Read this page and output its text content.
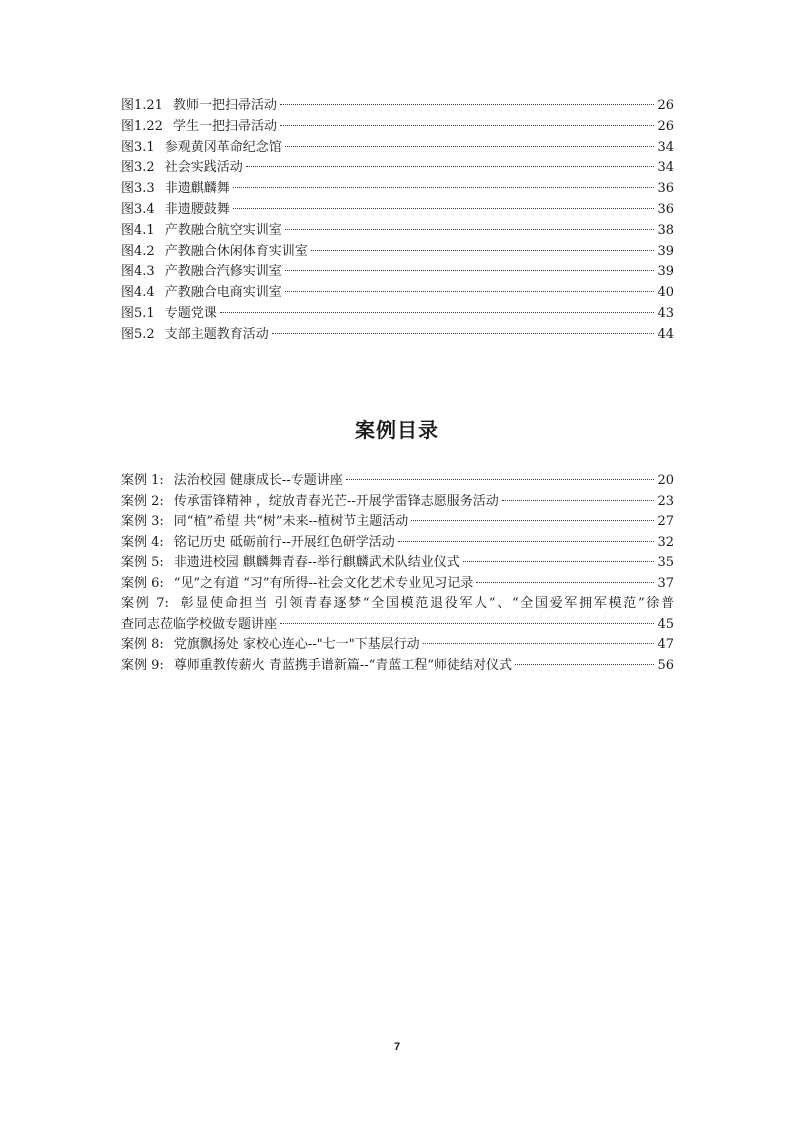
图1.21 教师一把扫帚活动	26
图1.22 学生一把扫帚活动	26
图3.1 参观黄冈革命纪念馆	34
图3.2 社会实践活动	34
图3.3 非遗麒麟舞	36
图3.4 非遗腰鼓舞	36
图4.1 产教融合航空实训室	38
图4.2 产教融合休闲体育实训室	39
图4.3 产教融合汽修实训室	39
图4.4 产教融合电商实训室	40
图5.1 专题党课	43
图5.2 支部主题教育活动	44
案例目录
案例 1: 法治校园 健康成长--专题讲座	20
案例 2: 传承雷锋精神 ，绽放青春光芒--开展学雷锋志愿服务活动	23
案例 3: 同“植”希望 共“树”未来--植树节主题活动	27
案例 4: 铭记历史 砥砺前行--开展红色研学活动	32
案例 5: 非遗进校园 麒麟舞青春--举行麒麟武术队结业仪式	35
案例 6: “见”之有道 “习”有所得--社会文化艺术专业见习记录	37
案例 7: 彰显使命担当 引领青春逐梦“全国模范退役军人”、“全国爱军拥军模范”徐普
查同志莅临学校做专题讲座	45
案例 8: 党旗飘扬处 家校心连心--"七一"下基层行动	47
案例 9: 尊师重教传薪火 青蓝携手谱新篇--“青蓝工程”师徒结对仪式	56
7
